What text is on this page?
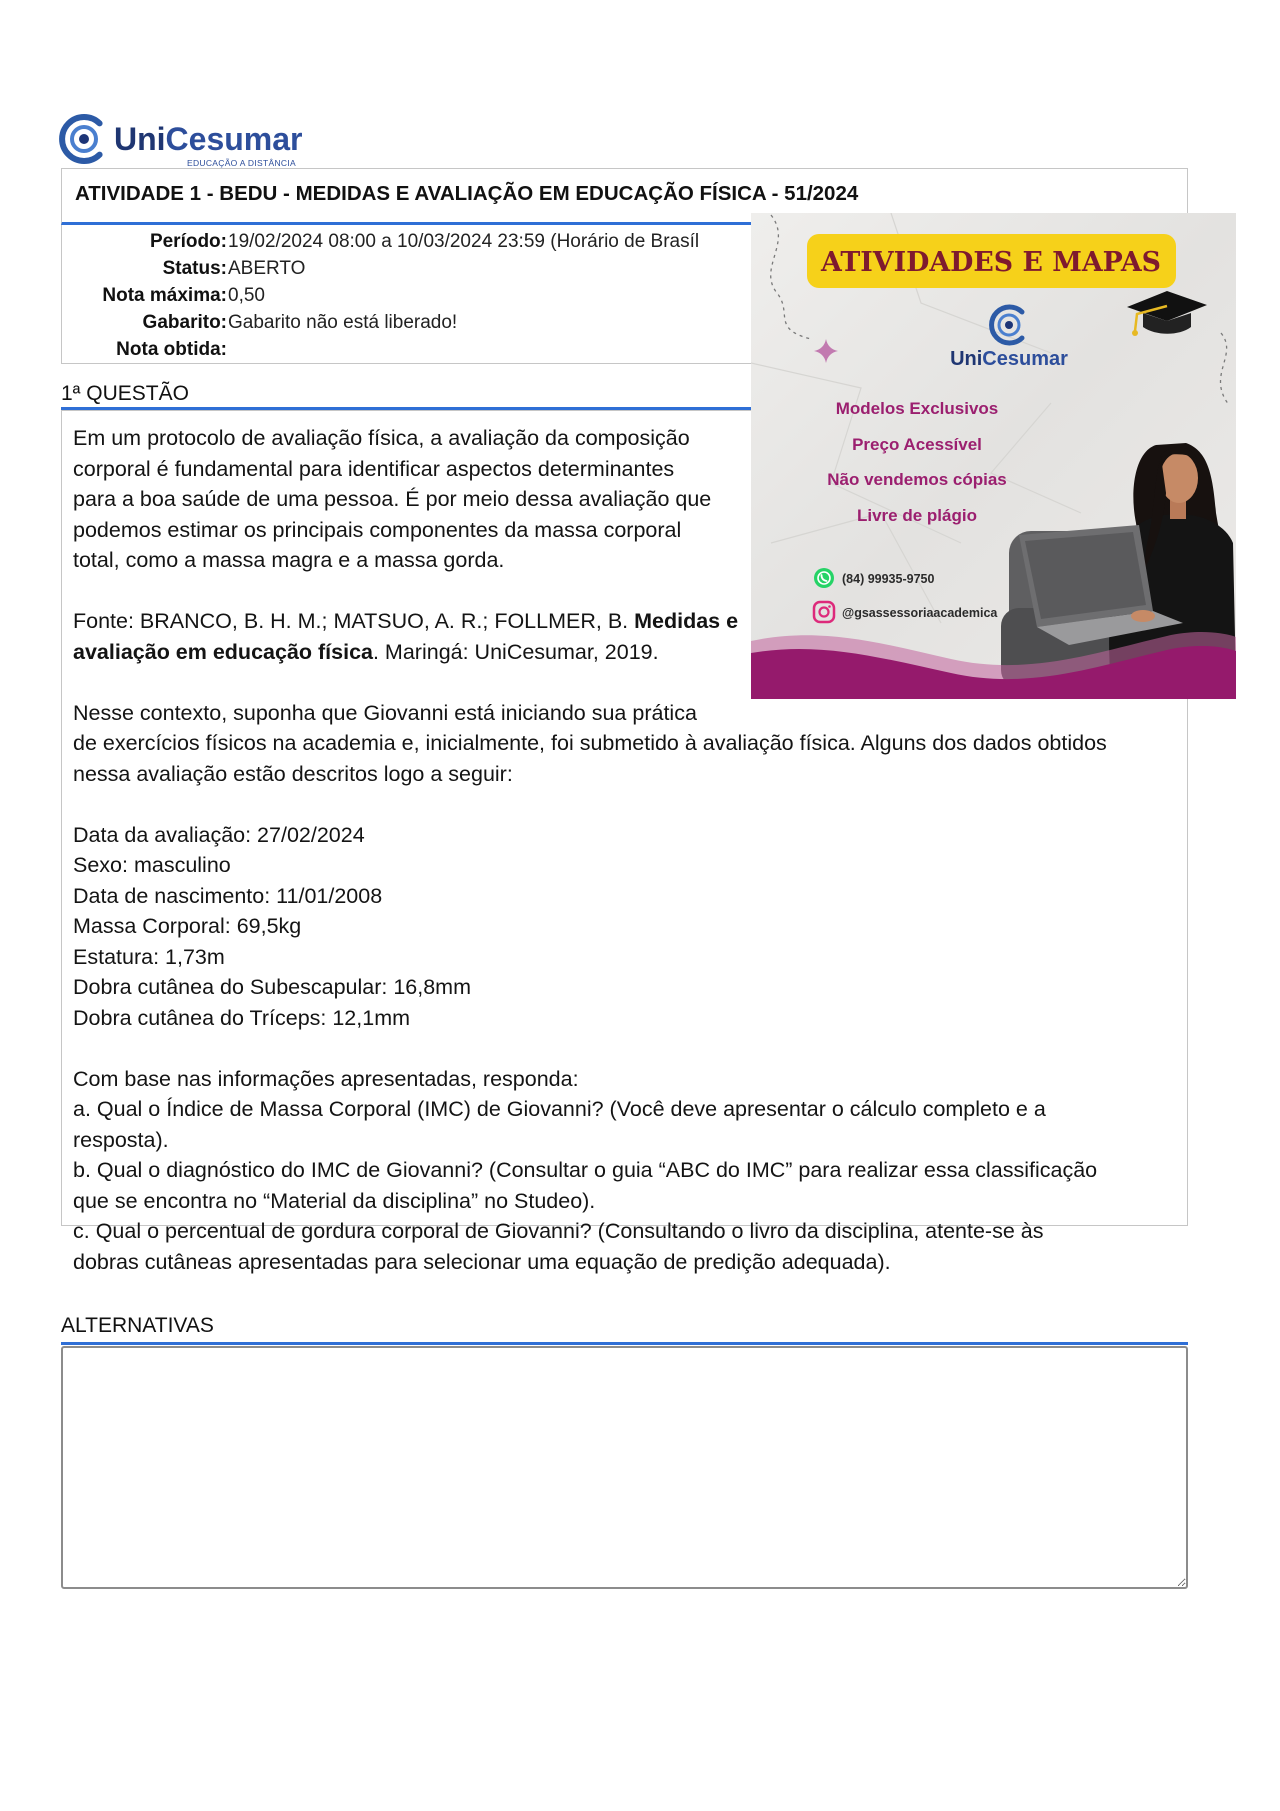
UniCesumar
EDUCAÇÃO A DISTÂNCIA
ATIVIDADE 1 - BEDU - MEDIDAS E AVALIAÇÃO EM EDUCAÇÃO FÍSICA - 51/2024
Período: 19/02/2024 08:00 a 10/03/2024 23:59 (Horário de Brasíl
Status: ABERTO
Nota máxima: 0,50
Gabarito: Gabarito não está liberado!
Nota obtida:
1ª QUESTÃO
Em um protocolo de avaliação física, a avaliação da composição
corporal é fundamental para identificar aspectos determinantes
para a boa saúde de uma pessoa. É por meio dessa avaliação que
podemos estimar os principais componentes da massa corporal
total, como a massa magra e a massa gorda.
Fonte: BRANCO, B. H. M.; MATSUO, A. R.; FOLLMER, B. Medidas e
avaliação em educação física. Maringá: UniCesumar, 2019.
Nesse contexto, suponha que Giovanni está iniciando sua prática
de exercícios físicos na academia e, inicialmente, foi submetido à avaliação física. Alguns dos dados obtidos
nessa avaliação estão descritos logo a seguir:
Data da avaliação: 27/02/2024
Sexo: masculino
Data de nascimento: 11/01/2008
Massa Corporal: 69,5kg
Estatura: 1,73m
Dobra cutânea do Subescapular: 16,8mm
Dobra cutânea do Tríceps: 12,1mm
Com base nas informações apresentadas, responda:
a. Qual o Índice de Massa Corporal (IMC) de Giovanni? (Você deve apresentar o cálculo completo e a
resposta).
b. Qual o diagnóstico do IMC de Giovanni? (Consultar o guia “ABC do IMC” para realizar essa classificação
que se encontra no “Material da disciplina” no Studeo).
c. Qual o percentual de gordura corporal de Giovanni? (Consultando o livro da disciplina, atente-se às
dobras cutâneas apresentadas para selecionar uma equação de predição adequada).
ALTERNATIVAS
ATIVIDADES E MAPAS
UniCesumar
Modelos Exclusivos
Preço Acessível
Não vendemos cópias
Livre de plágio
(84) 99935-9750
@gsassessoriaacademica
